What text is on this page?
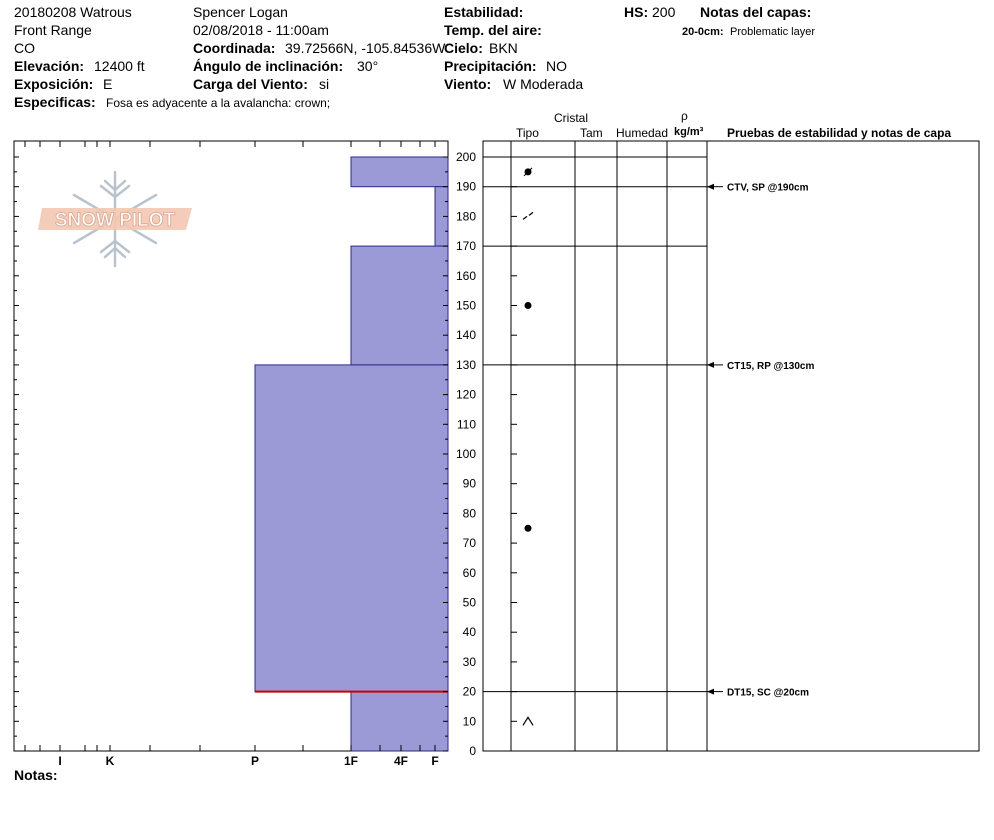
20180208 Watrous
Front Range
CO
Elevación: 12400 ft
Exposición: E
Especificas: Fosa es adyacente a la avalancha: crown;
Spencer Logan
02/08/2018 - 11:00am
Coordinada: 39.72566N, -105.84536W
Ángulo de inclinación: 30°
Carga del Viento: si
Estabilidad:
Temp. del aire:
Cielo: BKN
Precipitación: NO
Viento: W Moderada
HS: 200 Notas del capas:
20-0cm: Problematic layer
Cristal
Tipo	Tam Humedad
ρ
kg/m³ Pruebas de estabilidad y notas de capa
Notas:
SNOW PILOT
I	K	P	1F	4F F
0
10
20
30
40
50
60
70
80
90
100
110
120
130
140
150
160
170
180
190
200
CTV, SP @190cm
CT15, RP @130cm
DT15, SC @20cm
